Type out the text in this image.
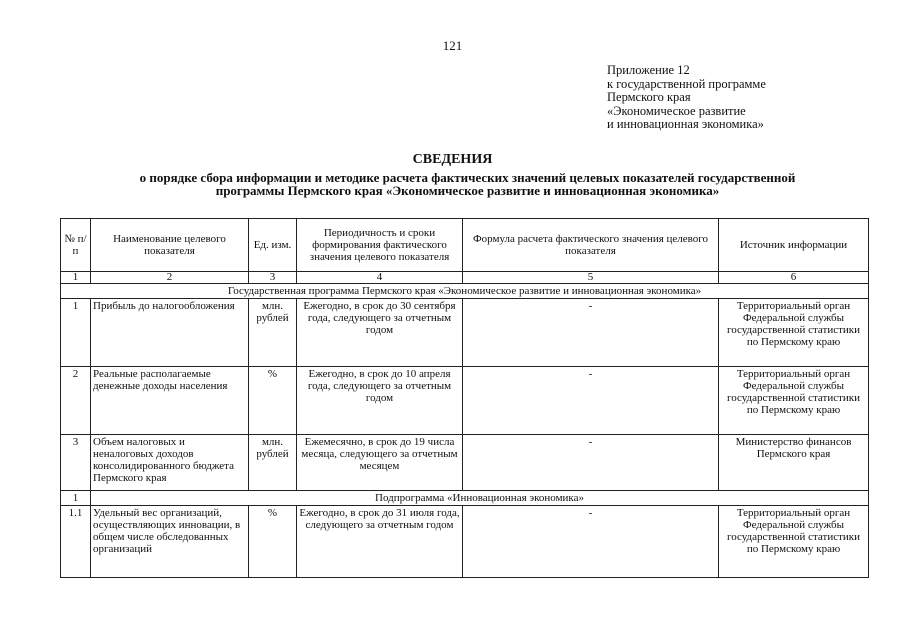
121
Приложение 12
к государственной программе
Пермского края
«Экономическое развитие
и инновационная экономика»
СВЕДЕНИЯ
о порядке сбора информации и методике расчета фактических значений целевых показателей государственной
программы Пермского края «Экономическое развитие и инновационная экономика»
№ п/п	Наименование целевого показателя	Ед. изм.	Периодичность и сроки формирования фактического значения целевого показателя	Формула расчета фактического значения целевого показателя	Источник информации
1	2	3	4	5	6
Государственная программа Пермского края «Экономическое развитие и инновационная экономика»					
1	Прибыль до налогообложения	млн. рублей	Ежегодно, в срок до 30 сентября года, следующего за отчетным годом	-	Территориальный орган Федеральной службы государственной статистики по Пермскому краю
2	Реальные располагаемые денежные доходы населения	%	Ежегодно, в срок до 10 апреля года, следующего за отчетным годом	-	Территориальный орган Федеральной службы государственной статистики по Пермскому краю
3	Объем налоговых и неналоговых доходов консолидированного бюджета Пермского края	млн. рублей	Ежемесячно, в срок до 19 числа месяца, следующего за отчетным месяцем	-	Министерство финансов Пермского края
1	Подпрограмма «Инновационная экономика»				
1.1	Удельный вес организаций, осуществляющих инновации, в общем числе обследованных организаций	%	Ежегодно, в срок до 31 июля года, следующего за отчетным годом	-	Территориальный орган Федеральной службы государственной статистики по Пермскому краю
